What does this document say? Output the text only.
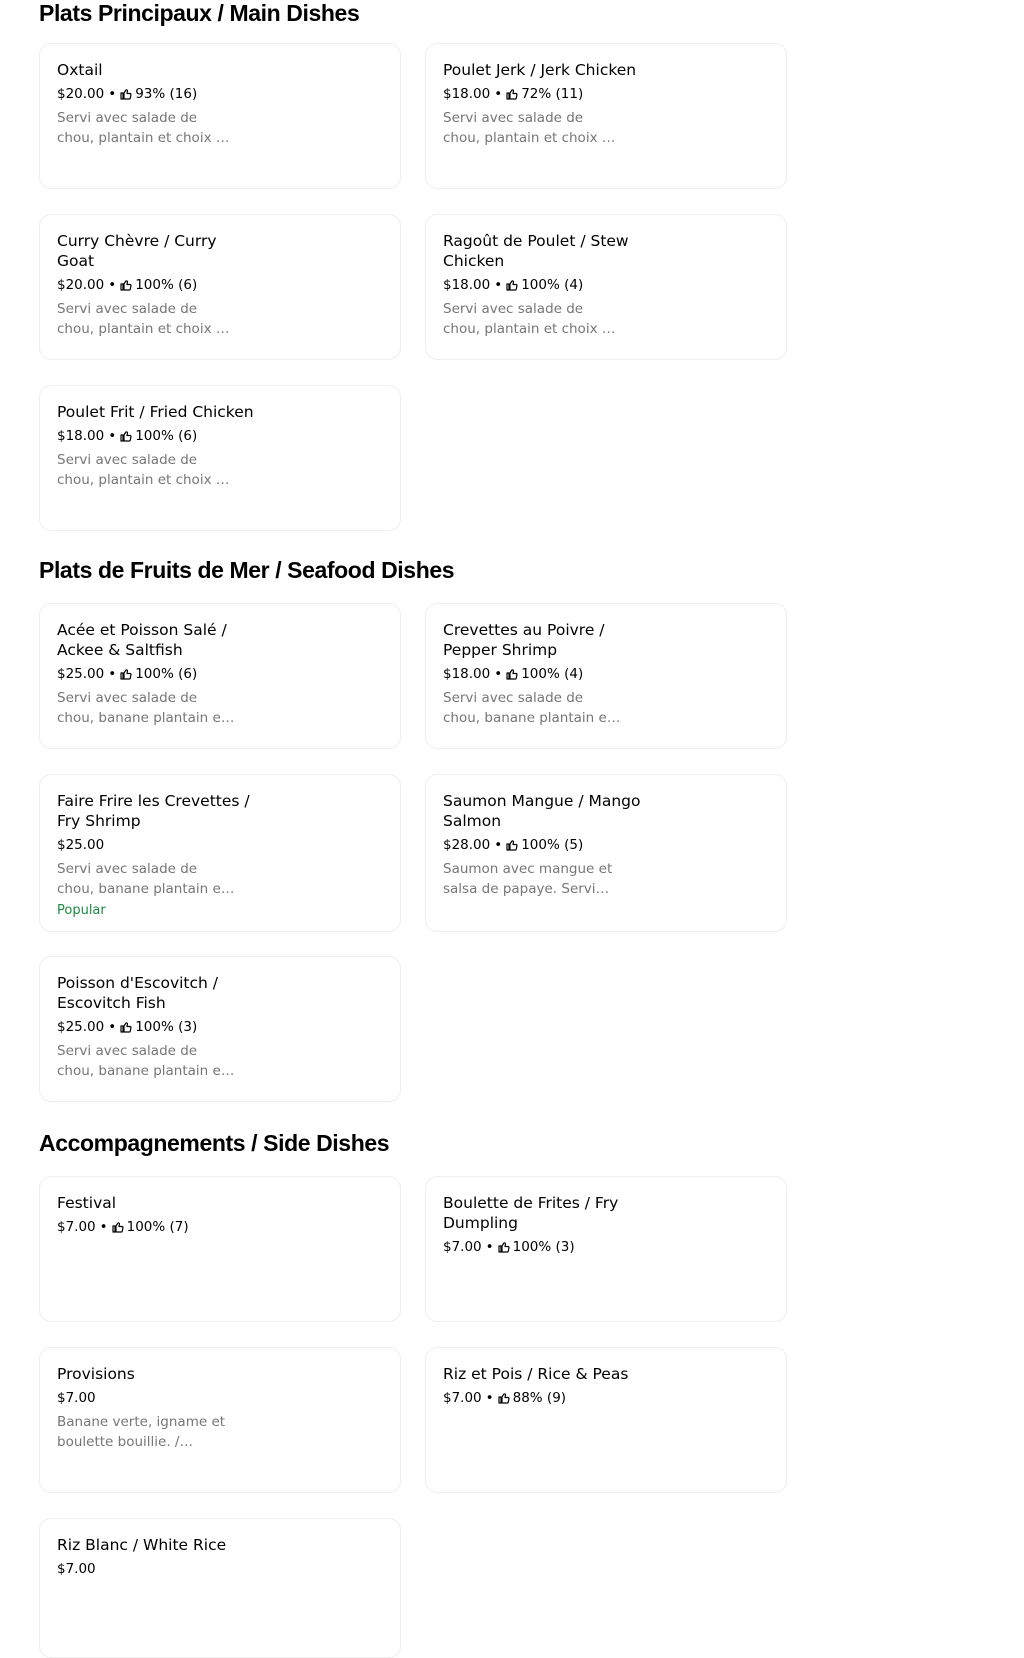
Plats Principaux / Main Dishes
Oxtail
$20.00 • 93% (16)
Servi avec salade de chou, plantain et choix de
Poulet Jerk / Jerk Chicken
$18.00 • 72% (11)
Servi avec salade de chou, plantain et choix de
Curry Chèvre / Curry Goat
$20.00 • 100% (6)
Servi avec salade de chou, plantain et choix de
Ragoût de Poulet / Stew Chicken
$18.00 • 100% (4)
Servi avec salade de chou, plantain et choix de
Poulet Frit / Fried Chicken
$18.00 • 100% (6)
Servi avec salade de chou, plantain et choix de
Plats de Fruits de Mer / Seafood Dishes
Acée et Poisson Salé / Ackee & Saltfish
$25.00 • 100% (6)
Servi avec salade de chou, banane plantain et
Crevettes au Poivre / Pepper Shrimp
$18.00 • 100% (4)
Servi avec salade de chou, banane plantain et
Faire Frire les Crevettes / Fry Shrimp
$25.00
Servi avec salade de chou, banane plantain et
Popular
Saumon Mangue / Mango Salmon
$28.00 • 100% (5)
Saumon avec mangue et salsa de papaye. Servi
Poisson d'Escovitch / Escovitch Fish
$25.00 • 100% (3)
Servi avec salade de chou, banane plantain et
Accompagnements / Side Dishes
Festival
$7.00 • 100% (7)
Boulette de Frites / Fry Dumpling
$7.00 • 100% (3)
Provisions
$7.00
Banane verte, igname et boulette bouillie. /
Riz et Pois / Rice & Peas
$7.00 • 88% (9)
Riz Blanc / White Rice
$7.00
